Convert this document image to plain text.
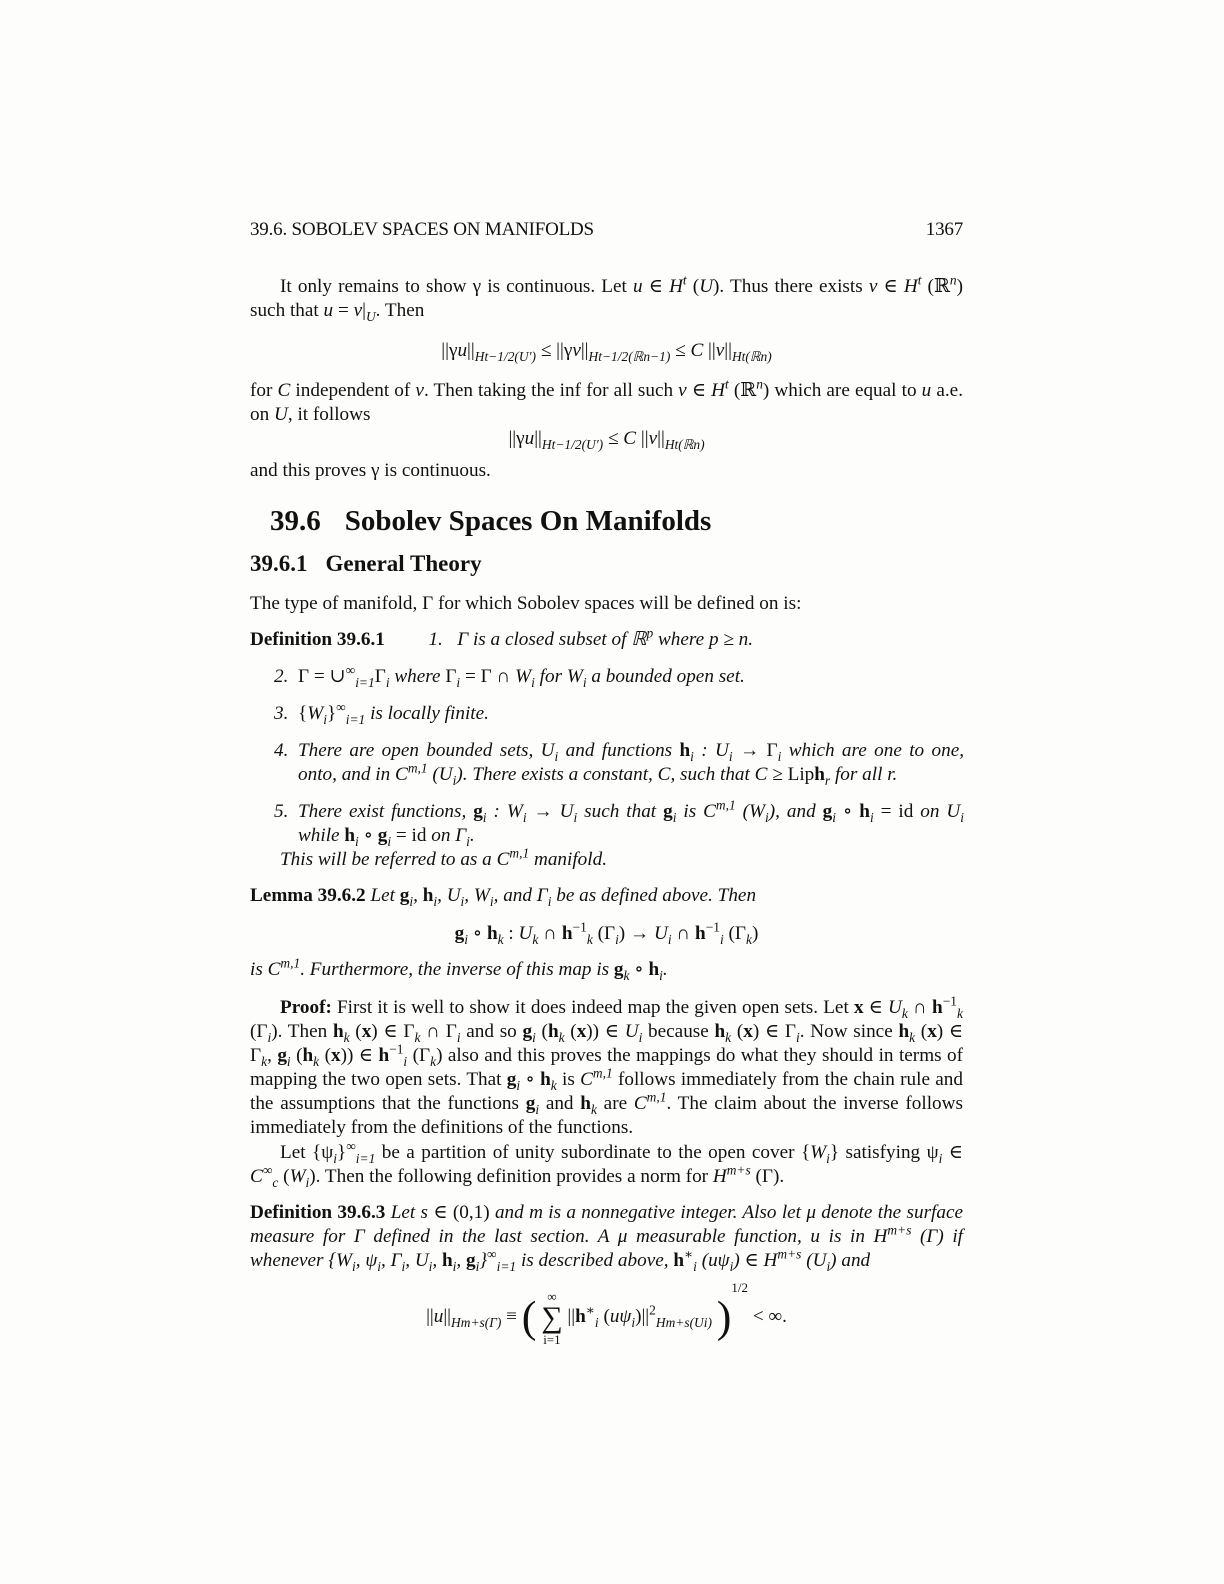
39.6. SOBOLEV SPACES ON MANIFOLDS	1367
It only remains to show γ is continuous. Let u ∈ $H^t$ (U). Thus there exists v ∈ $H^t$ (ℝ$^n$) such that $u = v|_U$. Then
$||\gamma u||_{Ht-1/2(U')} \le ||\gamma v||_{Ht-1/2(ℝn-1)} \le C$ $||v||_{Ht(ℝn)}$
for C independent of v. Then taking the inf for all such v ∈ $H^t$ (ℝ$^n$) which are equal to u a.e. on U, it follows
$||\gamma u||_{Ht-1/2(U')} \le C$ $||v||_{Ht(ℝn)}$
and this proves γ is continuous.
39.6 Sobolev Spaces On Manifolds
39.6.1 General Theory
The type of manifold, Γ for which Sobolev spaces will be defined on is:
Definition 39.6.1 1. Γ is a closed subset of ℝ$^p$ where p ≥ n.
2. $\Gamma = \cup^\infty_{i=1}\Gamma_i$ where $\Gamma_i = \Gamma$ ∩ $W_i$ for $W_i$ a bounded open set.
3. $\{W_i\}^\infty_{i=1}$ is locally finite.
4. There are open bounded sets, $U_i$ and functions $h_i$ : $U_i \to \Gamma_i$ which are one to one, onto, and in C$^{m,1}$ $(U_i)$. There exists a constant, C, such that C ≥ Liph$_r$ for all r.
5. There exist functions, $g_i$ : $W_i \to U_i$ such that $g_i$ is C$^{m,1}$ $(W_i)$, and $g_i$ ∘ $h_i$ = id on $U_i$ while $h_i$ ∘ $g_i$ = id on $\Gamma_i$.
This will be referred to as a C$^{m,1}$ manifold.
Lemma 39.6.2 Let $g_i$, $h_i$, $U_i$, $W_i$, and $\Gamma_i$ be as defined above. Then
$g_i$ ∘ $h_k$ : $U_k$ ∩ $h^{-1}_k$ $(\Gamma_i) \to U_i$ ∩ $h^{-1}_i$ $(\Gamma_k)$
is C$^{m,1}$. Furthermore, the inverse of this map is $g_k$ ∘ $h_i$.
Proof: First it is well to show it does indeed map the given open sets. Let x ∈ $U_k$ ∩ $h^{-1}_k$ $(\Gamma_i)$. Then $h_k$ (x) ∈ $\Gamma_k$ ∩ $\Gamma_i$ and so $g_i$ ($h_k$ (x)) ∈ $U_i$ because $h_k$ (x) ∈ $\Gamma_i$. Now since $h_k$ (x) ∈ $\Gamma_k$, $g_i$ ($h_k$ (x)) ∈ $h^{-1}_i$ $(\Gamma_k)$ also and this proves the mappings do what they should in terms of mapping the two open sets. That $g_i$ ∘ $h_k$ is C$^{m,1}$ follows immediately from the chain rule and the assumptions that the functions $g_i$ and $h_k$ are C$^{m,1}$. The claim about the inverse follows immediately from the definitions of the functions.
Let $\{\psi_i\}^\infty_{i=1}$ be a partition of unity subordinate to the open cover $\{W_i\}$ satisfying $\psi_i$ ∈ $C^\infty_c$ $(W_i)$. Then the following definition provides a norm for $H^{m+s}$ (Γ).
Definition 39.6.3 Let s ∈ (0,1) and m is a nonnegative integer. Also let μ denote the surface measure for Γ defined in the last section. A μ measurable function, u is in $H^{m+s}$ (Γ) if whenever {$W_i$, $\psi_i$, $\Gamma_i$, $U_i$, $h_i$, $g_i\}^\infty_{i=1}$ is described above, $h^∗_i$ $(u\psi_i)$ ∈ $H^{m+s}$ $(U_i)$ and
$||u||_{Hm+s(\Gamma)}$ ≡ ( ∞
∑
i=1
$||h^∗_i$ $(u\psi_i)||^2_{Hm+s(Ui)}$ )$^{1/2}$ < ∞.
